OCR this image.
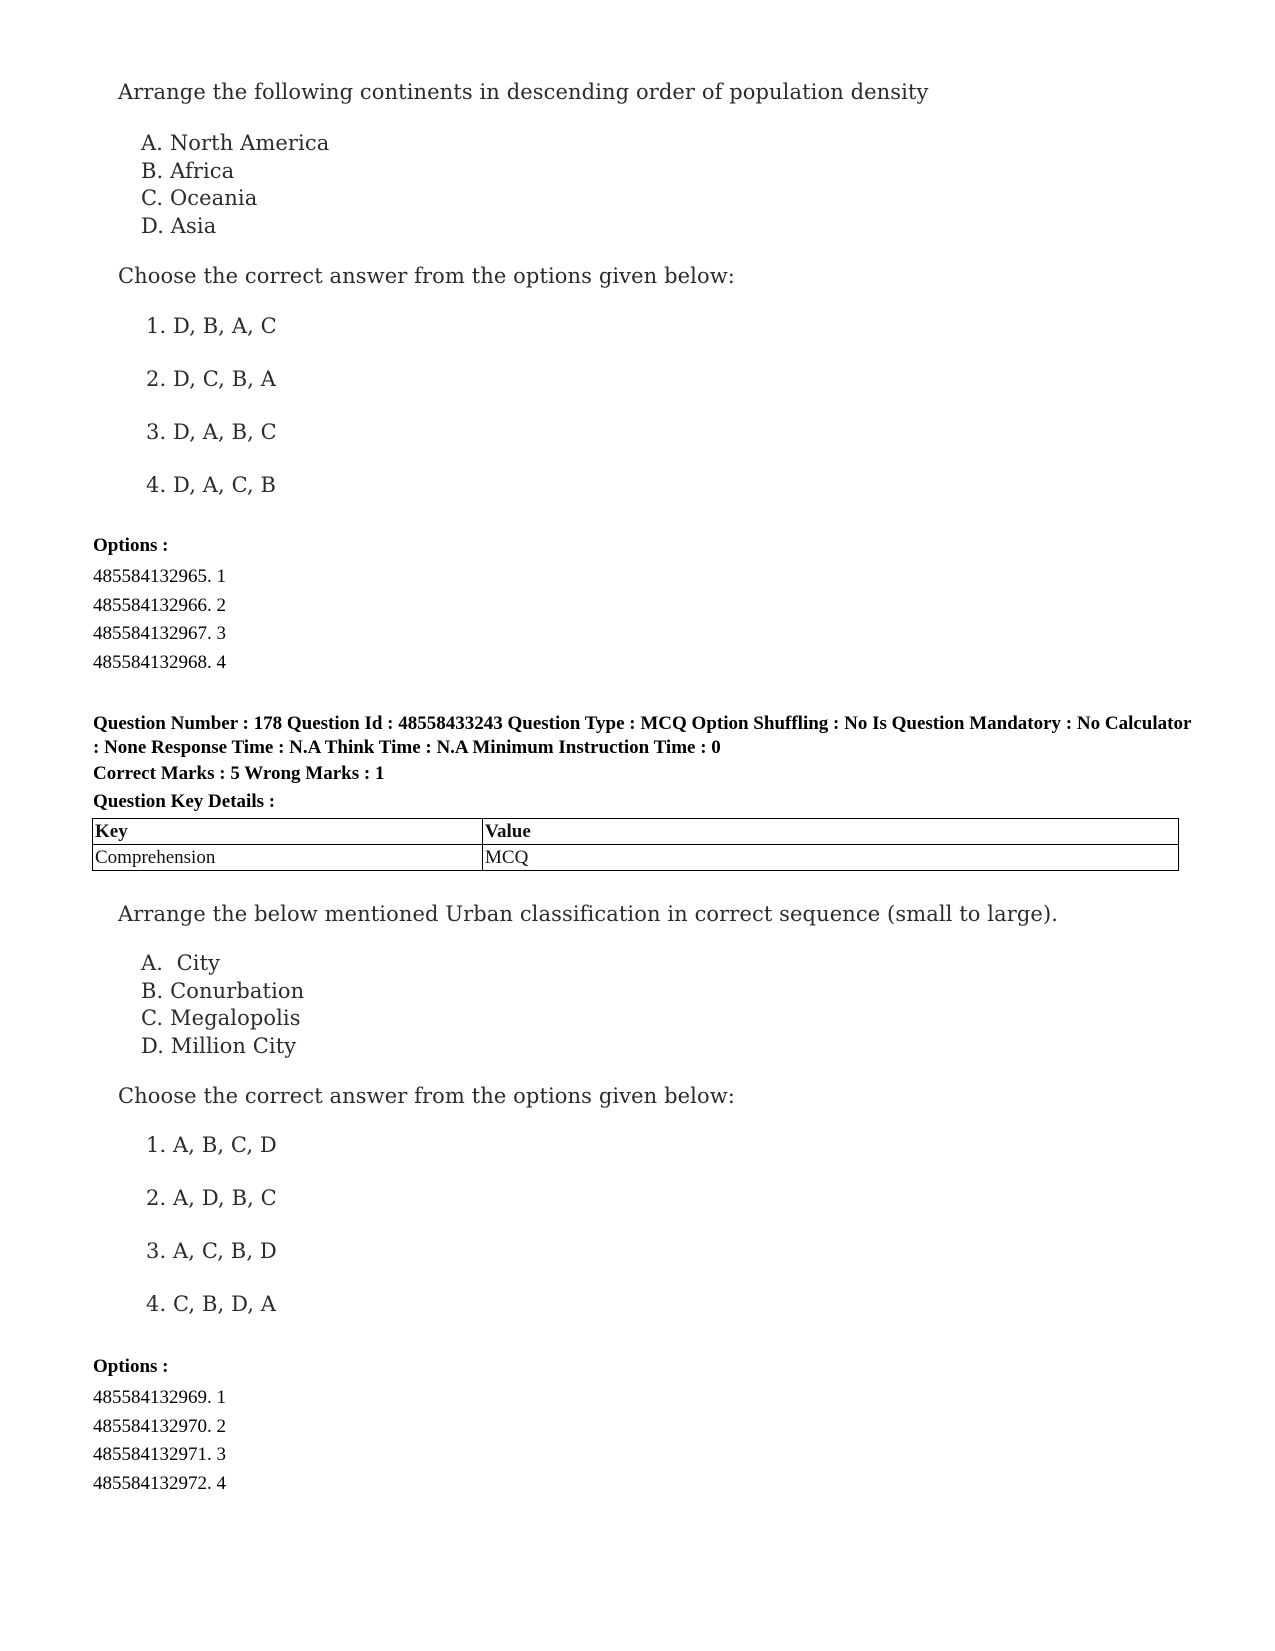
Arrange the following continents in descending order of population density
A. North America
B. Africa
C. Oceania
D. Asia
Choose the correct answer from the options given below:
1. D, B, A, C
2. D, C, B, A
3. D, A, B, C
4. D, A, C, B
Options :
485584132965. 1
485584132966. 2
485584132967. 3
485584132968. 4
Question Number : 178 Question Id : 48558433243 Question Type : MCQ Option Shuffling : No Is Question Mandatory : No Calculator : None Response Time : N.A Think Time : N.A Minimum Instruction Time : 0
Correct Marks : 5 Wrong Marks : 1
Question Key Details :
Key	Value
Comprehension	MCQ
Arrange the below mentioned Urban classification in correct sequence (small to large).
A.  City
B. Conurbation
C. Megalopolis
D. Million City
Choose the correct answer from the options given below:
1. A, B, C, D
2. A, D, B, C
3. A, C, B, D
4. C, B, D, A
Options :
485584132969. 1
485584132970. 2
485584132971. 3
485584132972. 4
